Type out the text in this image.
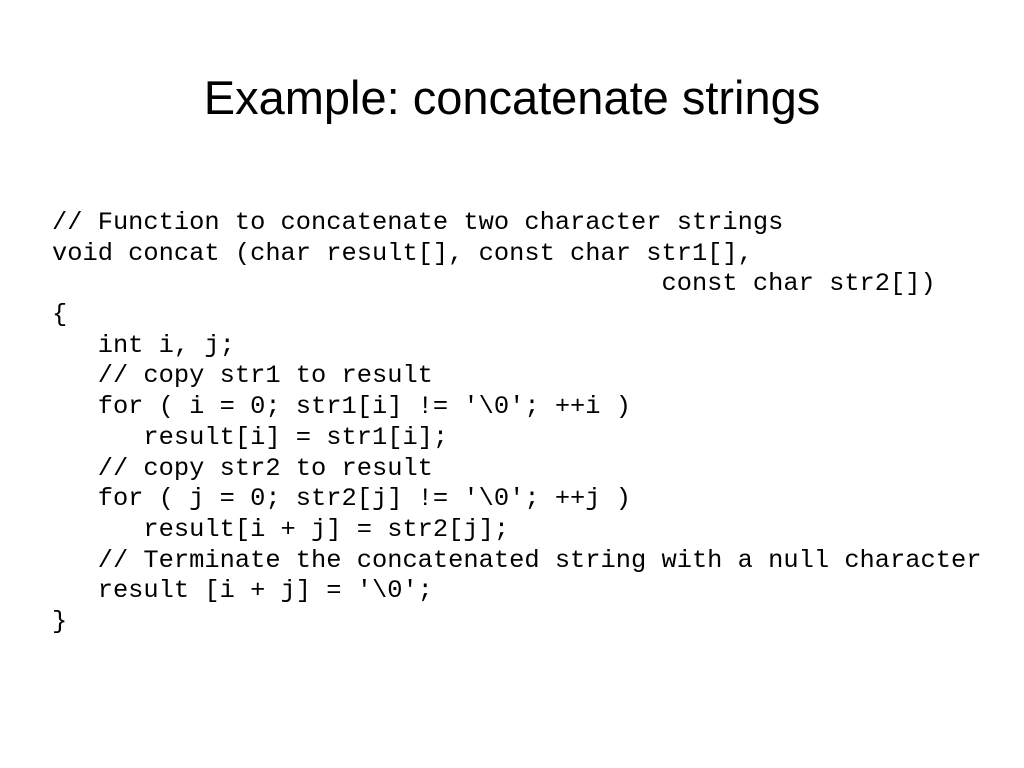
Example: concatenate strings
// Function to concatenate two character strings
void concat (char result[], const char str1[],
const char str2[])
{
int i, j;
// copy str1 to result
for ( i = 0; str1[i] != '\0'; ++i )
result[i] = str1[i];
// copy str2 to result
for ( j = 0; str2[j] != '\0'; ++j )
result[i + j] = str2[j];
// Terminate the concatenated string with a null character
result [i + j] = '\0';
}
